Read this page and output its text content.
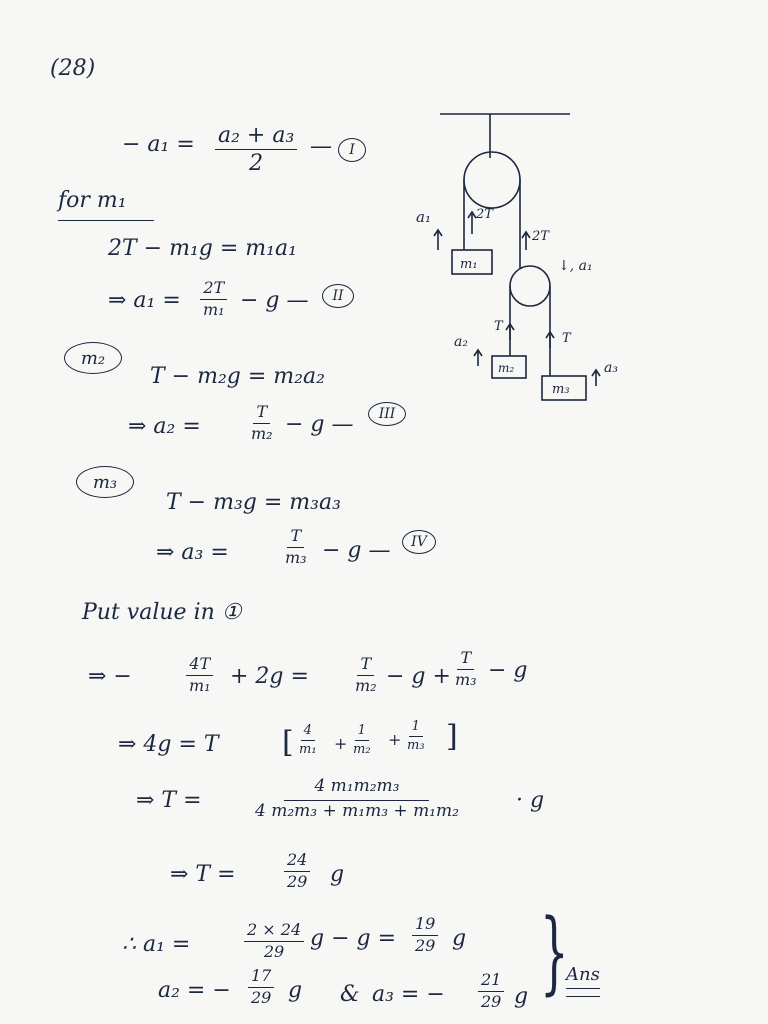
(28)
− $a_1 = \frac{\text{a₂ + a₃}}{2}$ —	I
for m₁
2T − m₁g = m₁a₁
⇒ $a_1 = \frac{2T}{\text{m₁}} - g$ —	II
m₂
T − m₂g = m₂a₂
⇒ a₂ =	$\frac{T}{\text{m₂}} - g$ —	III
m₃
T − m₃g = m₃a₃
⇒ a₃ =	$\frac{T}{\text{m₃}} - g$ —	IV
Put value in ①
⇒ −	$\frac{4T}{\text{m₁}} + 2g$ =	$\frac{T}{\text{m₂}} - g + \frac{T}{\text{m₃}} - g$
⇒ 4g = T [ $\frac{4}{\text{m₁}} + \frac{1}{\text{m₂}} + \frac{1}{\text{m₃}}$ ]
⇒ T =	$\frac{\text{4 m₁m₂m₃}}{\text{4 m₂m₃ + m₁m₃ + m₁m₂}} \cdot g$
⇒ T =	$\frac{24}{29}$ g
∴ a₁ =	$\frac{2 \times 24}{29}$ $g - g = \frac{19}{29}$ g
a₂ = − $\frac{17}{29}$ g & a₃ = − $\frac{21}{29}$ g }
Ans
a₁	2T
2T
m₁	↓, a₁
T
T
a₂
m₂
m₃
a₃
